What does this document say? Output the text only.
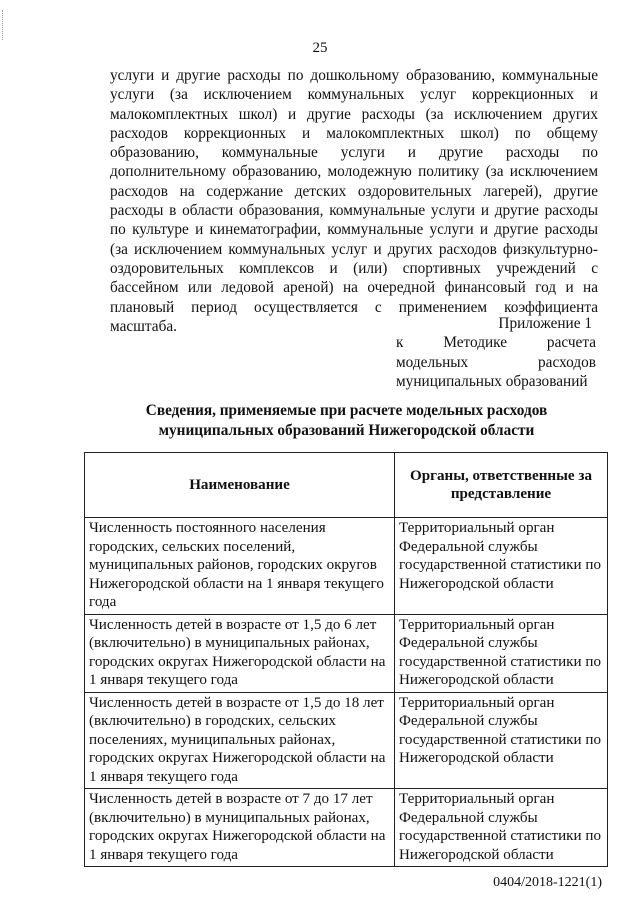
25

услуги и другие расходы по дошкольному образованию, коммунальные услуги (за исключением коммунальных услуг коррекционных и малокомплектных школ) и другие расходы (за исключением других расходов коррекционных и малокомплектных школ) по общему образованию, коммунальные услуги и другие расходы по дополнительному образованию, молодежную политику (за исключением расходов на содержание детских оздоровительных лагерей), другие расходы в области образования, коммунальные услуги и другие расходы по культуре и кинематографии, коммунальные услуги и другие расходы (за исключением коммунальных услуг и других расходов физкультурно-оздоровительных комплексов и (или) спортивных учреждений с бассейном или ледовой ареной) на очередной финансовый год и на плановый период осуществляется с применением коэффициента масштаба.	Приложение 1
к Методике расчета
модельных расходов
муниципальных образований
Сведения, применяемые при расчете модельных расходов
муниципальных образований Нижегородской области
Наименование	Органы, ответственные за представление
Численность постоянного населения городских, сельских поселений, муниципальных районов, городских округов Нижегородской области на 1 января текущего года	Территориальный орган Федеральной службы государственной статистики по Нижегородской области
Численность детей в возрасте от 1,5 до 6 лет (включительно) в муниципальных районах, городских округах Нижегородской области на 1 января текущего года	Территориальный орган Федеральной службы государственной статистики по Нижегородской области
Численность детей в возрасте от 1,5 до 18 лет (включительно) в городских, сельских поселениях, муниципальных районах, городских округах Нижегородской области на 1 января текущего года	Территориальный орган Федеральной службы государственной статистики по Нижегородской области
Численность детей в возрасте от 7 до 17 лет (включительно) в муниципальных районах, городских округах Нижегородской области на 1 января текущего года	Территориальный орган Федеральной службы государственной статистики по Нижегородской области
0404/2018-1221(1)
